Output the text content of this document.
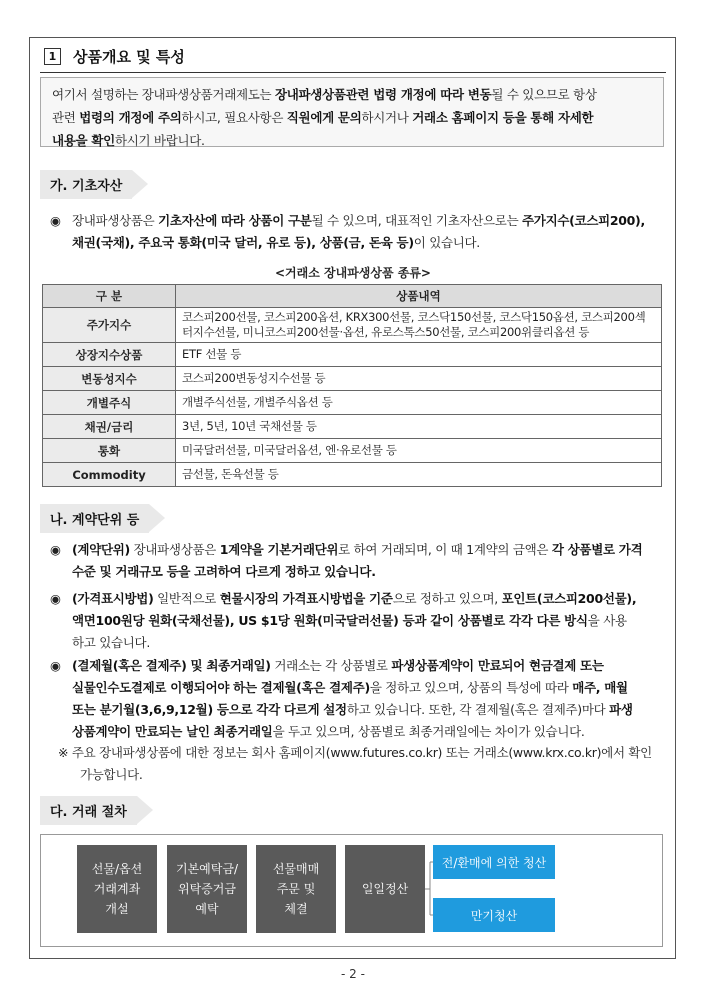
1	상품개요 및 특성
여기서 설명하는 장내파생상품거래제도는 장내파생상품관련 법령 개정에 따라 변동될 수 있으므로 항상
관련 법령의 개정에 주의하시고, 필요사항은 직원에게 문의하시거나 거래소 홈페이지 등을 통해 자세한
내용을 확인하시기 바랍니다.
가. 기초자산
◉ 장내파생상품은 기초자산에 따라 상품이 구분될 수 있으며, 대표적인 기초자산으로는 주가지수(코스피200),
채권(국채), 주요국 통화(미국 달러, 유로 등), 상품(금, 돈육 등)이 있습니다.
<거래소 장내파생상품 종류>
구 분	상품내역
주가지수	코스피200선물, 코스피200옵션, KRX300선물, 코스닥150선물, 코스닥150옵션, 코스피200섹터지수선물, 미니코스피200선물·옵션, 유로스톡스50선물, 코스피200위클리옵션 등
상장지수상품	ETF 선물 등
변동성지수	코스피200변동성지수선물 등
개별주식	개별주식선물, 개별주식옵션 등
채권/금리	3년, 5년, 10년 국채선물 등
통화	미국달러선물, 미국달러옵션, 엔·유로선물 등
Commodity	금선물, 돈육선물 등
나. 계약단위 등
◉ (계약단위) 장내파생상품은 1계약을 기본거래단위로 하여 거래되며, 이 때 1계약의 금액은 각 상품별로 가격
수준 및 거래규모 등을 고려하여 다르게 정하고 있습니다.
◉ (가격표시방법) 일반적으로 현물시장의 가격표시방법을 기준으로 정하고 있으며, 포인트(코스피200선물),
액면100원당 원화(국채선물), US $1당 원화(미국달러선물) 등과 같이 상품별로 각각 다른 방식을 사용
하고 있습니다.
◉ (결제월(혹은 결제주) 및 최종거래일) 거래소는 각 상품별로 파생상품계약이 만료되어 현금결제 또는
실물인수도결제로 이행되어야 하는 결제월(혹은 결제주)을 정하고 있으며, 상품의 특성에 따라 매주, 매월
또는 분기월(3,6,9,12월) 등으로 각각 다르게 설정하고 있습니다. 또한, 각 결제월(혹은 결제주)마다 파생
상품계약이 만료되는 날인 최종거래일을 두고 있으며, 상품별로 최종거래일에는 차이가 있습니다.
※ 주요 장내파생상품에 대한 정보는 회사 홈페이지(www.futures.co.kr) 또는 거래소(www.krx.co.kr)에서 확인
가능합니다.
다. 거래 절차
선물/옵션
거래계좌
개설
기본예탁금/
위탁증거금
예탁
선물매매
주문 및
체결
일일정산
전/환매에 의한 청산
만기청산
- 2 -
